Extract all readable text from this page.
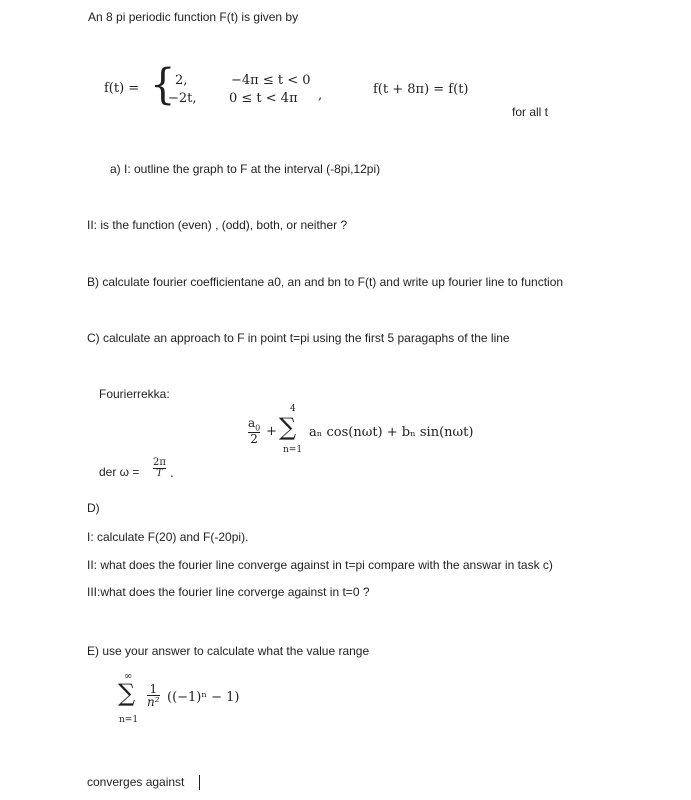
An 8 pi periodic function F(t) is given by
f(t) = { 2,
−2t,
−4π ≤ t < 0
0 ≤ t < 4π ,	f(t + 8π) = f(t)
for all t
a) I: outline the graph to F at the interval (-8pi,12pi)
II: is the function (even) , (odd), both, or neither ?
B) calculate fourier coefficientane a0, an and bn to F(t) and write up fourier line to function
C) calculate an approach to F in point t=pi using the first 5 paragaphs of the line
Fourierrekka:
$a_0$
2
+
4
∑
n=1
aₙ cos(nωt) + bₙ sin(nωt)
der ω =
2π
T .
D)
I: calculate F(20) and F(-20pi).
II: what does the fourier line converge against in t=pi compare with the answar in task c)
III:what does the fourier line corverge against in t=0 ?
E) use your answer to calculate what the value range
∞
∑
n=1
1
n² ((−1)ⁿ − 1)
converges against
